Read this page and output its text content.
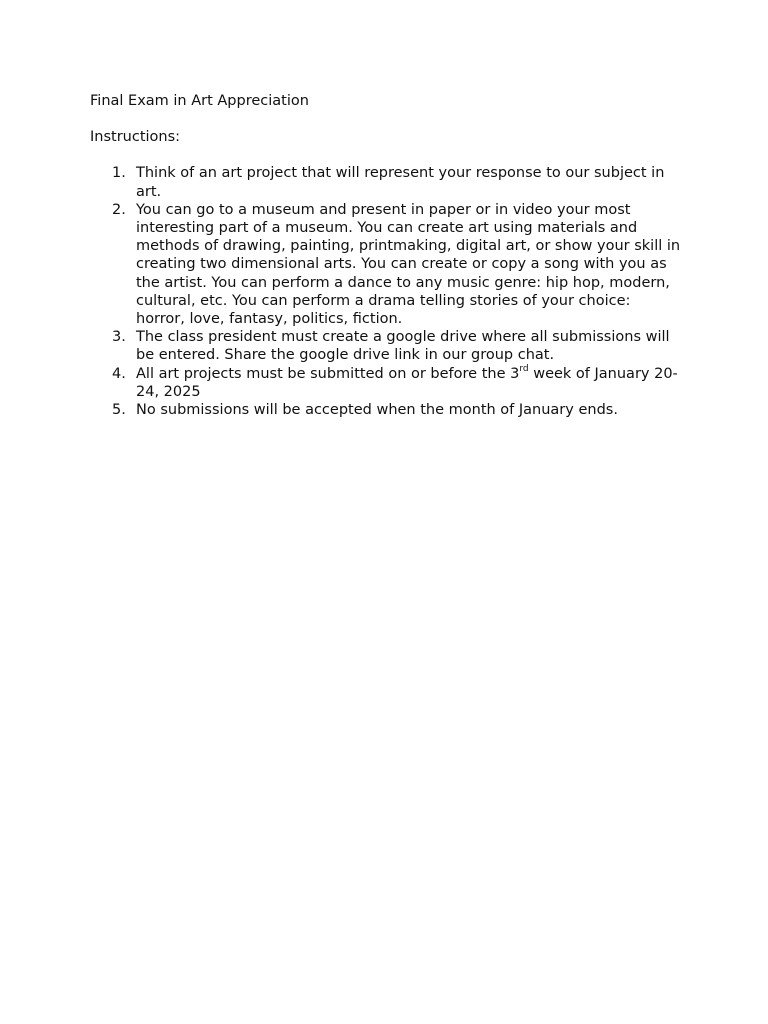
Final Exam in Art Appreciation

Instructions:

1. Think of an art project that will represent your response to our subject in art.
2. You can go to a museum and present in paper or in video your most interesting part of a museum. You can create art using materials and methods of drawing, painting, printmaking, digital art, or show your skill in creating two dimensional arts. You can create or copy a song with you as the artist. You can perform a dance to any music genre: hip hop, modern, cultural, etc. You can perform a drama telling stories of your choice: horror, love, fantasy, politics, fiction.
3. The class president must create a google drive where all submissions will be entered. Share the google drive link in our group chat.
4. All art projects must be submitted on or before the 3rd week of January 20-24, 2025
5. No submissions will be accepted when the month of January ends.
